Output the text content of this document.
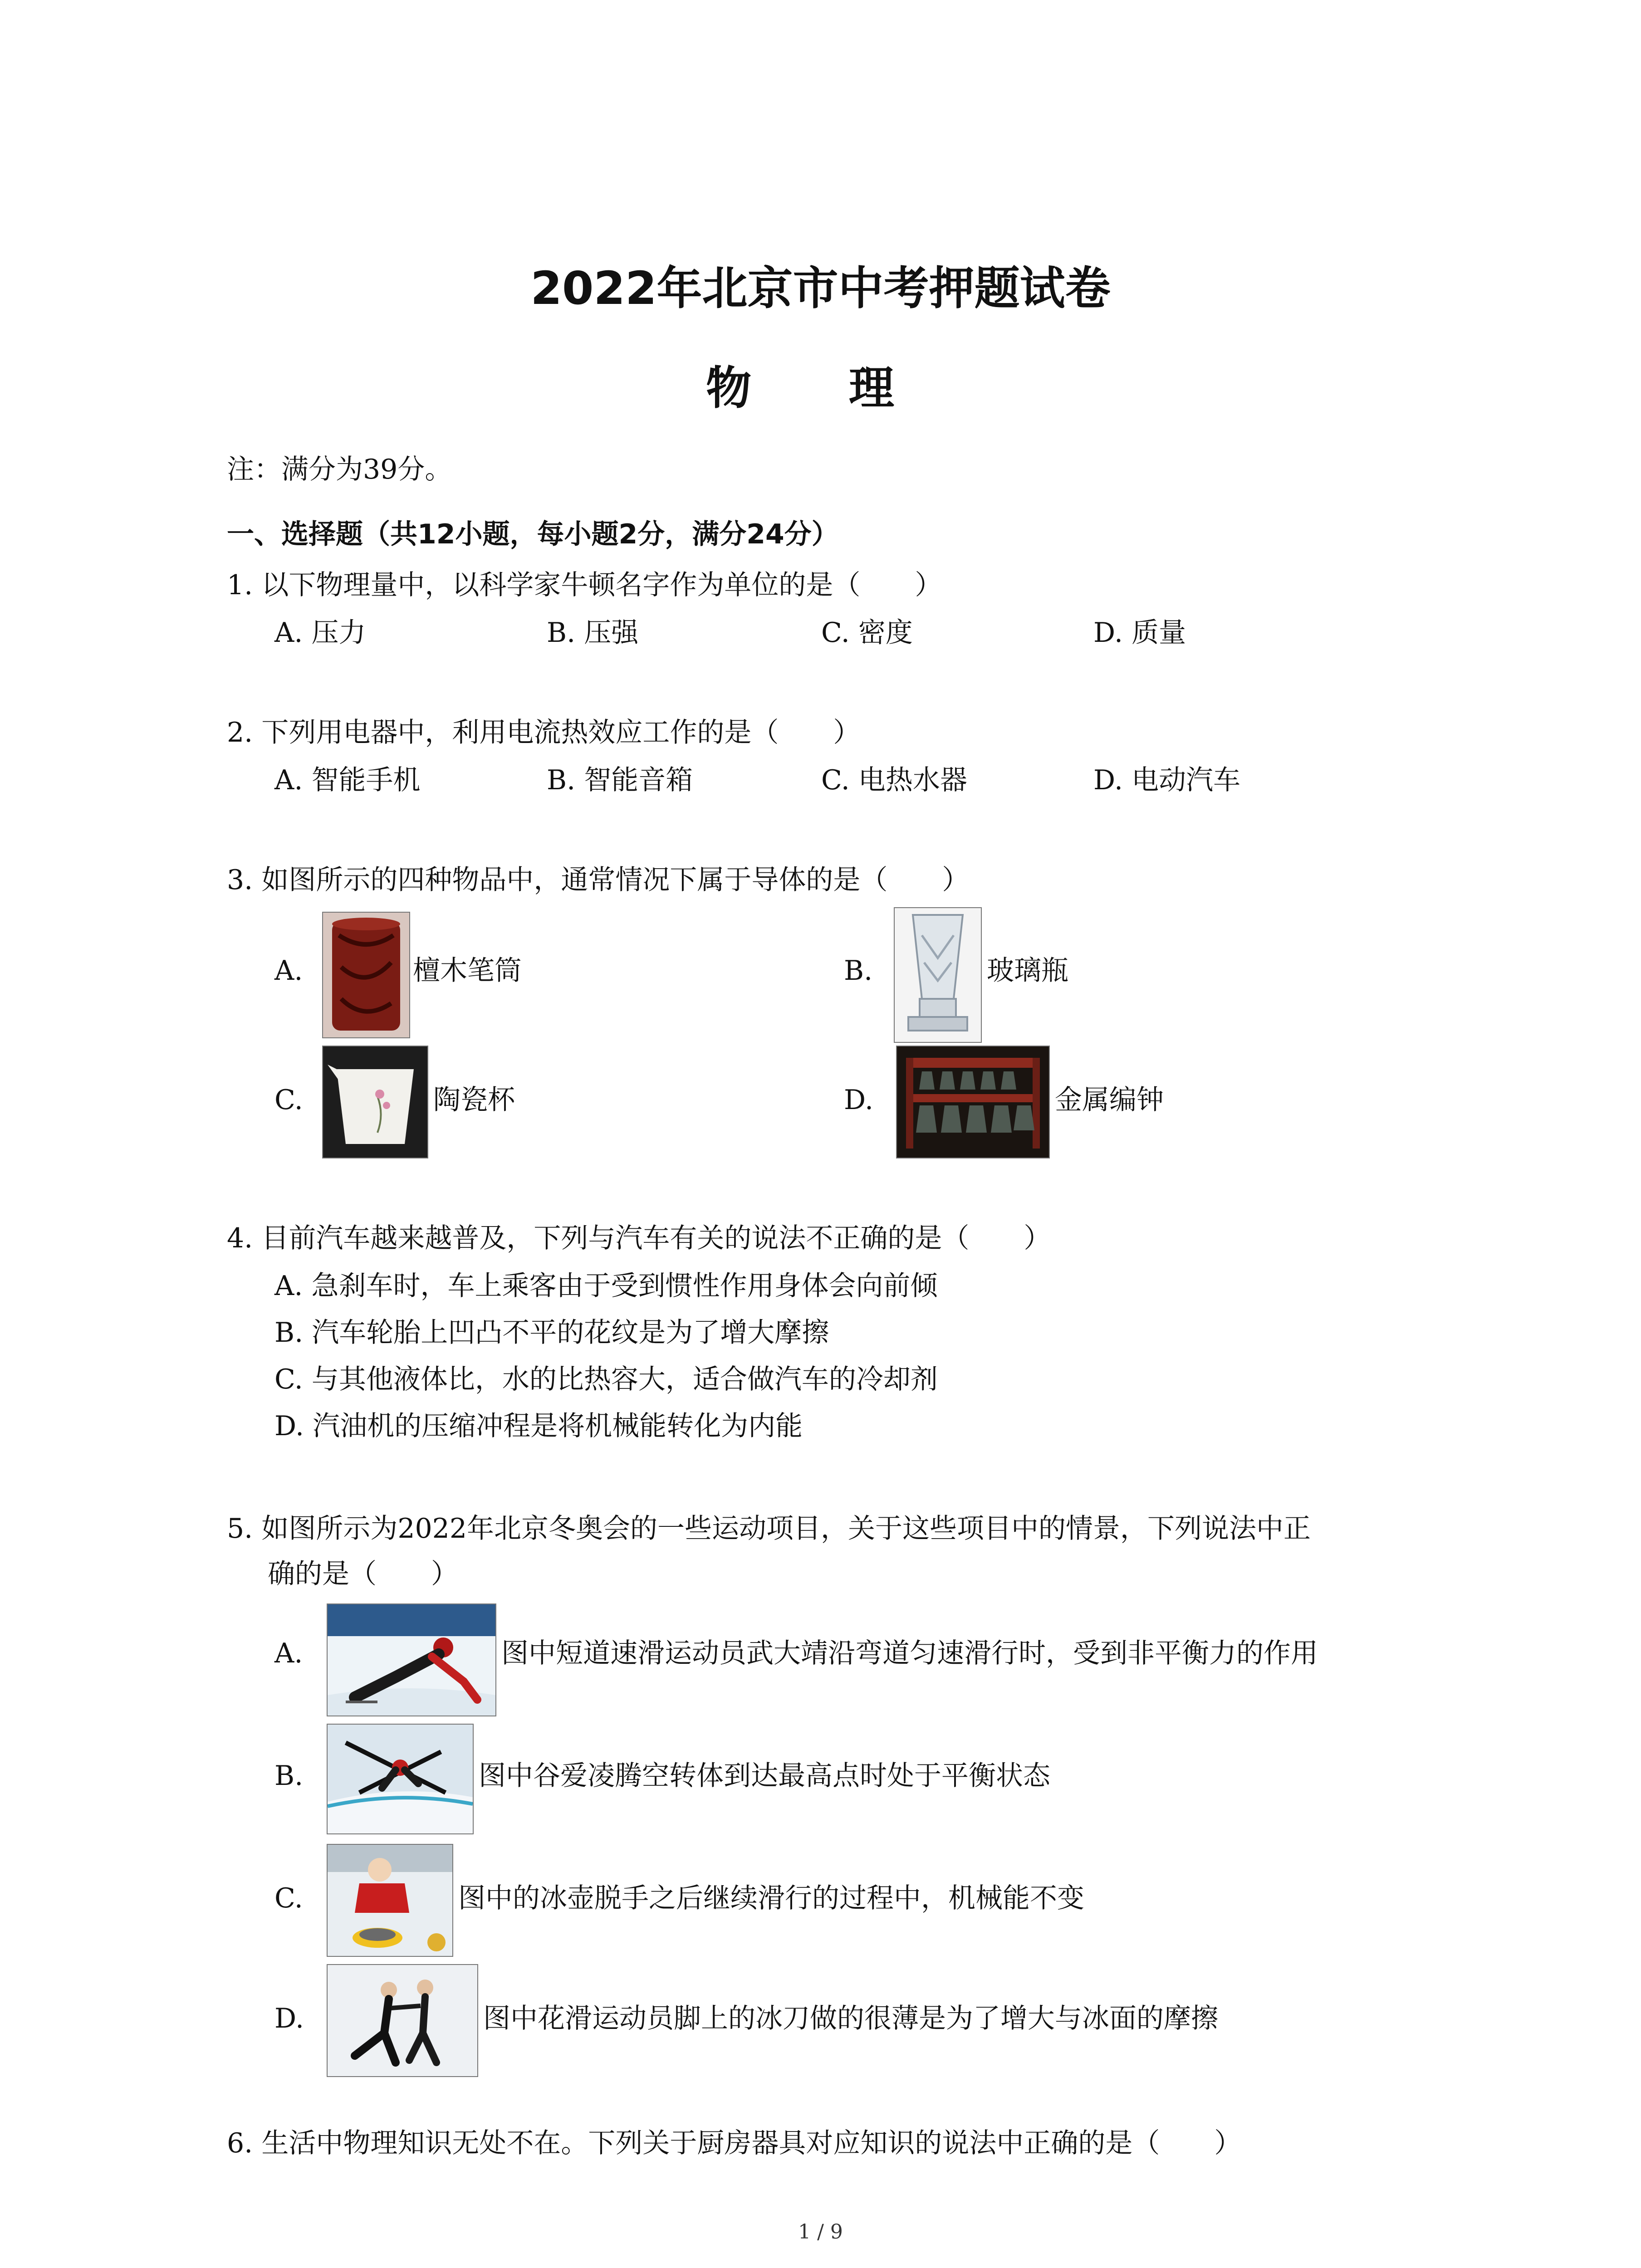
2022年北京市中考押题试卷
物 理
注：满分为39分。
一、选择题（共12小题，每小题2分，满分24分）
1. 以下物理量中，以科学家牛顿名字作为单位的是（　　）
A. 压力	B. 压强	C. 密度	D. 质量
2. 下列用电器中，利用电流热效应工作的是（　　）
A. 智能手机	B. 智能音箱	C. 电热水器	D. 电动汽车
3. 如图所示的四种物品中，通常情况下属于导体的是（　　）
A.	檀木笔筒	B.	玻璃瓶
C.	陶瓷杯	D.	金属编钟
4. 目前汽车越来越普及，下列与汽车有关的说法不正确的是（　　）
A. 急刹车时，车上乘客由于受到惯性作用身体会向前倾
B. 汽车轮胎上凹凸不平的花纹是为了增大摩擦
C. 与其他液体比，水的比热容大，适合做汽车的冷却剂
D. 汽油机的压缩冲程是将机械能转化为内能
5. 如图所示为2022年北京冬奥会的一些运动项目，关于这些项目中的情景，下列说法中正
确的是（　　）
A.	图中短道速滑运动员武大靖沿弯道匀速滑行时，受到非平衡力的作用
B.	图中谷爱凌腾空转体到达最高点时处于平衡状态
C.	图中的冰壶脱手之后继续滑行的过程中，机械能不变
D.	图中花滑运动员脚上的冰刀做的很薄是为了增大与冰面的摩擦
6. 生活中物理知识无处不在。下列关于厨房器具对应知识的说法中正确的是（　　）
1 / 9
